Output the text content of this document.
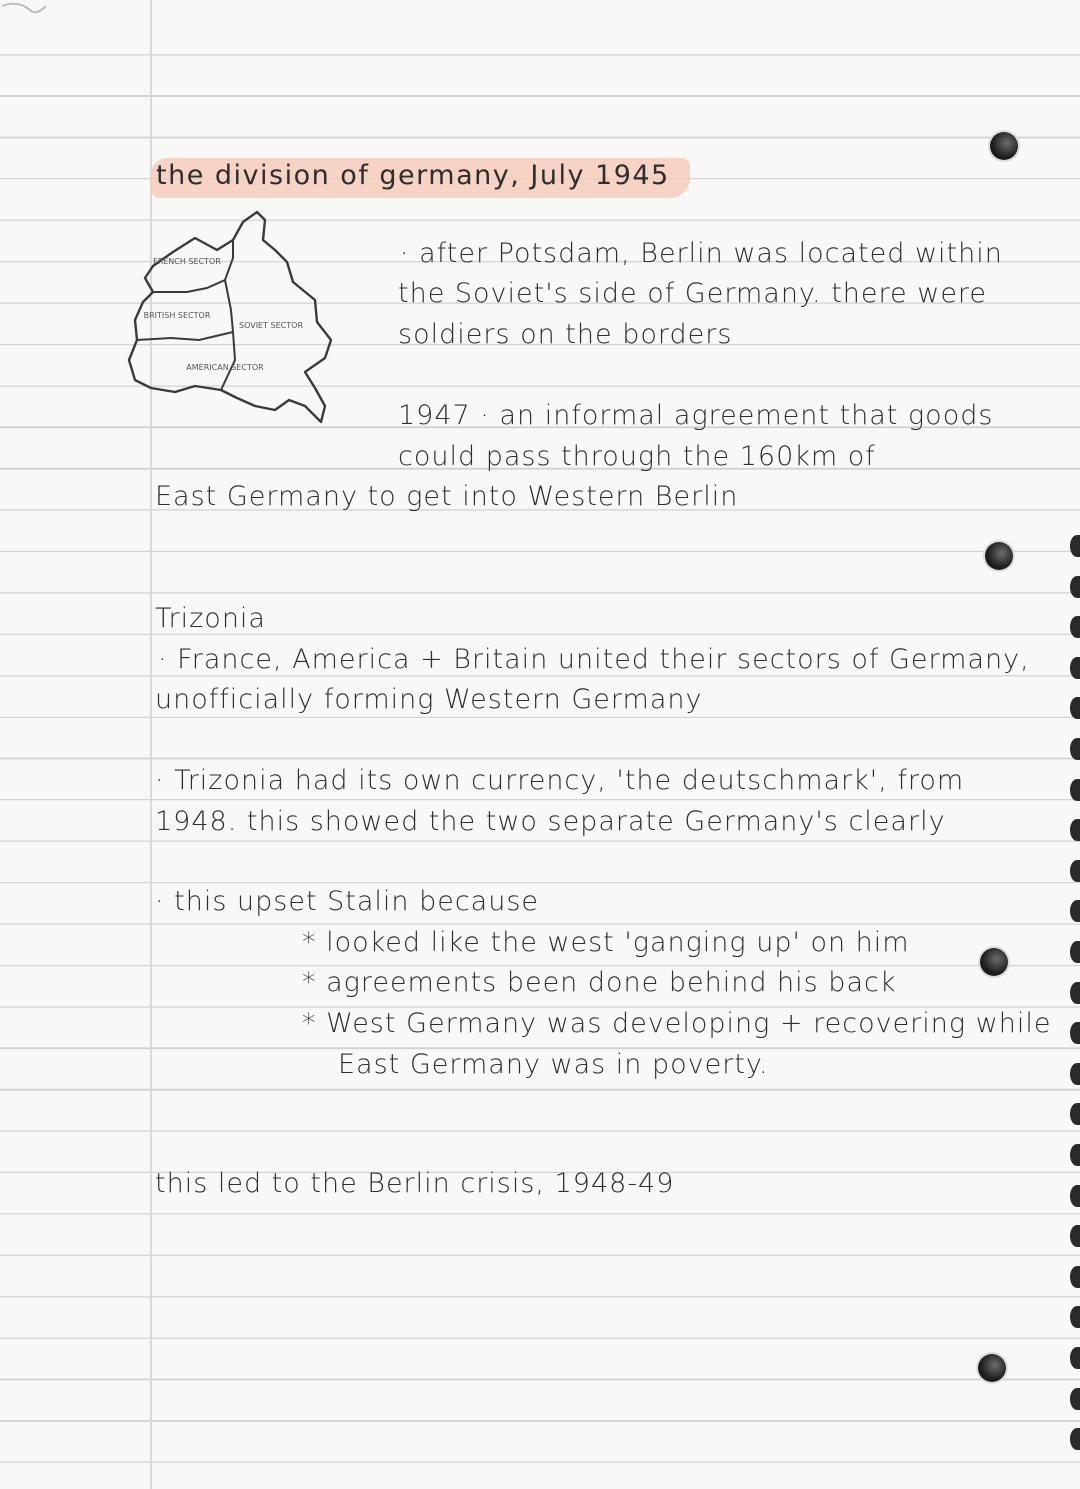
the division of germany, July 1945
FRENCH SECTOR
BRITISH SECTOR
SOVIET SECTOR
AMERICAN SECTOR
· after Potsdam, Berlin was located within
the Soviet's side of Germany. there were
soldiers on the borders
1947 · an informal agreement that goods
could pass through the 160km of
East Germany to get into Western Berlin
Trizonia
· France, America + Britain united their sectors of Germany,
unofficially forming Western Germany
· Trizonia had its own currency, 'the deutschmark', from
1948. this showed the two separate Germany's clearly
· this upset Stalin because
* looked like the west 'ganging up' on him
* agreements been done behind his back
* West Germany was developing + recovering while
East Germany was in poverty.
this led to the Berlin crisis, 1948-49
